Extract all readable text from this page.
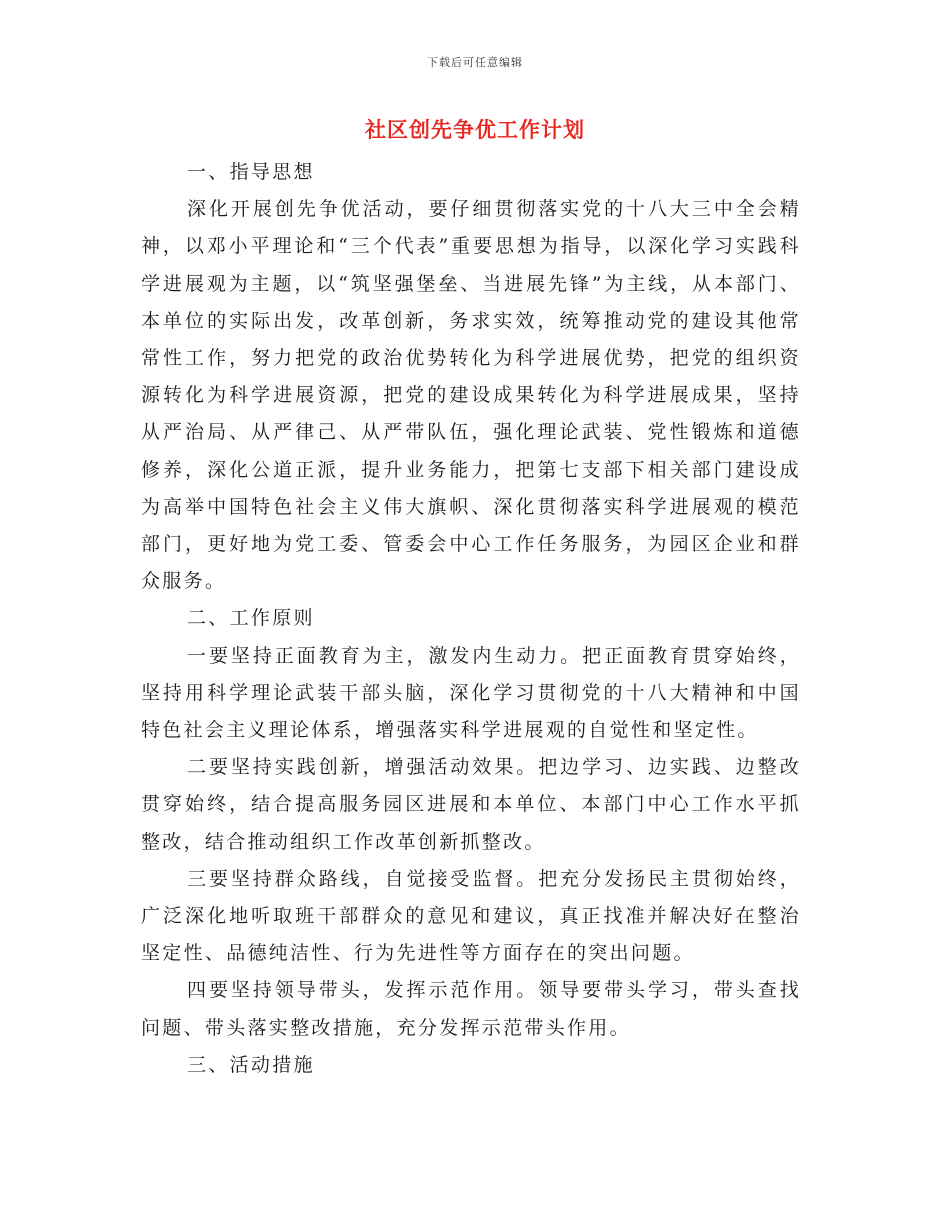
下载后可任意编辑
社区创先争优工作计划

一、指导思想

深化开展创先争优活动，要仔细贯彻落实党的十八大三中全会精神，以邓小平理论和“三个代表”重要思想为指导，以深化学习实践科学进展观为主题，以“筑坚强堡垒、当进展先锋”为主线，从本部门、本单位的实际出发，改革创新，务求实效，统筹推动党的建设其他常常性工作，努力把党的政治优势转化为科学进展优势，把党的组织资源转化为科学进展资源，把党的建设成果转化为科学进展成果，坚持从严治局、从严律己、从严带队伍，强化理论武装、党性锻炼和道德修养，深化公道正派，提升业务能力，把第七支部下相关部门建设成为高举中国特色社会主义伟大旗帜、深化贯彻落实科学进展观的模范部门，更好地为党工委、管委会中心工作任务服务，为园区企业和群众服务。

二、工作原则

一要坚持正面教育为主，激发内生动力。把正面教育贯穿始终，坚持用科学理论武装干部头脑，深化学习贯彻党的十八大精神和中国特色社会主义理论体系，增强落实科学进展观的自觉性和坚定性。

二要坚持实践创新，增强活动效果。把边学习、边实践、边整改贯穿始终，结合提高服务园区进展和本单位、本部门中心工作水平抓整改，结合推动组织工作改革创新抓整改。

三要坚持群众路线，自觉接受监督。把充分发扬民主贯彻始终，广泛深化地听取班干部群众的意见和建议，真正找准并解决好在整治坚定性、品德纯洁性、行为先进性等方面存在的突出问题。

四要坚持领导带头，发挥示范作用。领导要带头学习，带头查找问题、带头落实整改措施，充分发挥示范带头作用。

三、活动措施
